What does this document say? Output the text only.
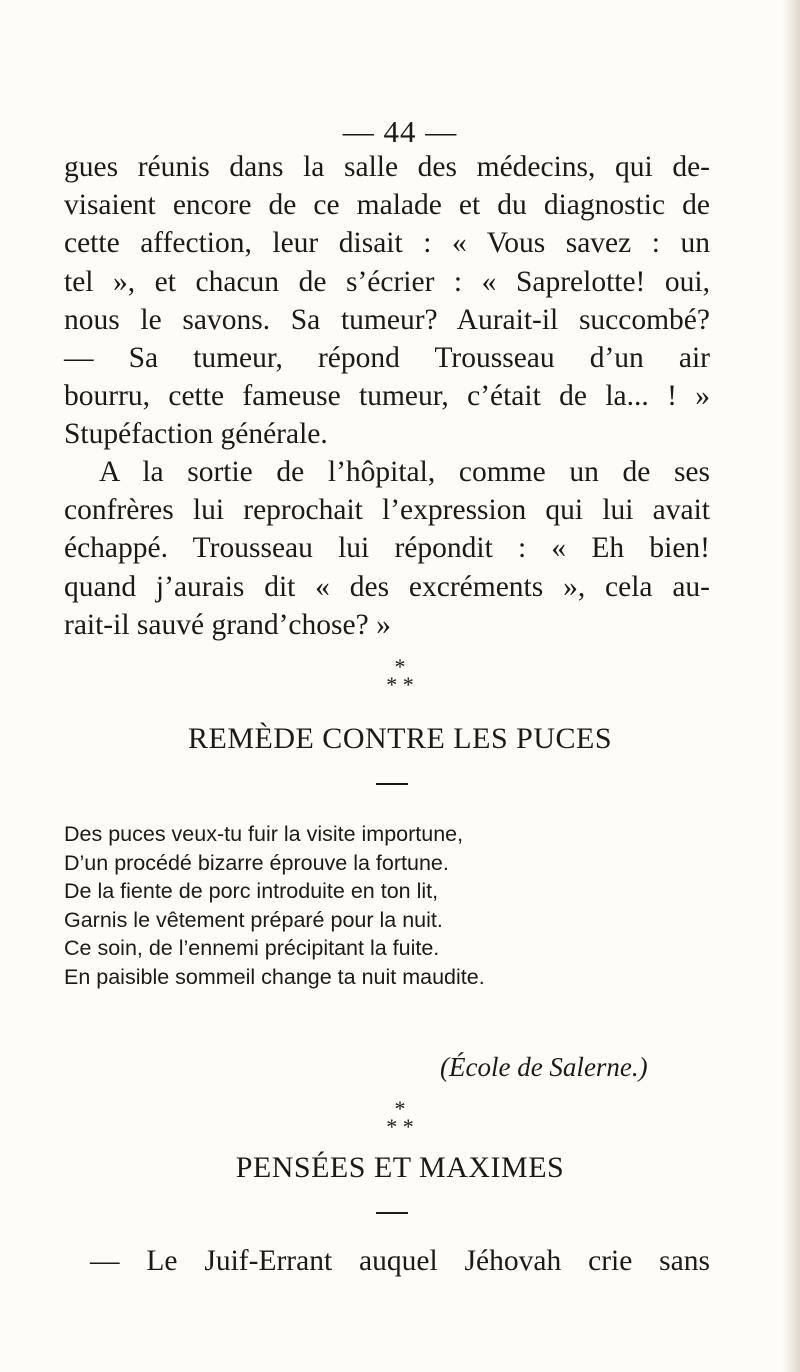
— 44 —
gues réunis dans la salle des médecins, qui de-
visaient encore de ce malade et du diagnostic de
cette affection, leur disait : « Vous savez : un
tel », et chacun de s’écrier : « Saprelotte! oui,
nous le savons. Sa tumeur? Aurait-il succombé?
— Sa tumeur, répond Trousseau d’un air
bourru, cette fameuse tumeur, c’était de la... ! »
Stupéfaction générale.
A la sortie de l’hôpital, comme un de ses
confrères lui reprochait l’expression qui lui avait
échappé. Trousseau lui répondit : « Eh bien!
quand j’aurais dit « des excréments », cela au-
rait-il sauvé grand’chose? »
*
* *
REMÈDE CONTRE LES PUCES
Des puces veux-tu fuir la visite importune,
D’un procédé bizarre éprouve la fortune.
De la fiente de porc introduite en ton lit,
Garnis le vêtement préparé pour la nuit.
Ce soin, de l’ennemi précipitant la fuite.
En paisible sommeil change ta nuit maudite.
(École de Salerne.)
*
* *
PENSÉES ET MAXIMES
— Le Juif-Errant auquel Jéhovah crie sans
